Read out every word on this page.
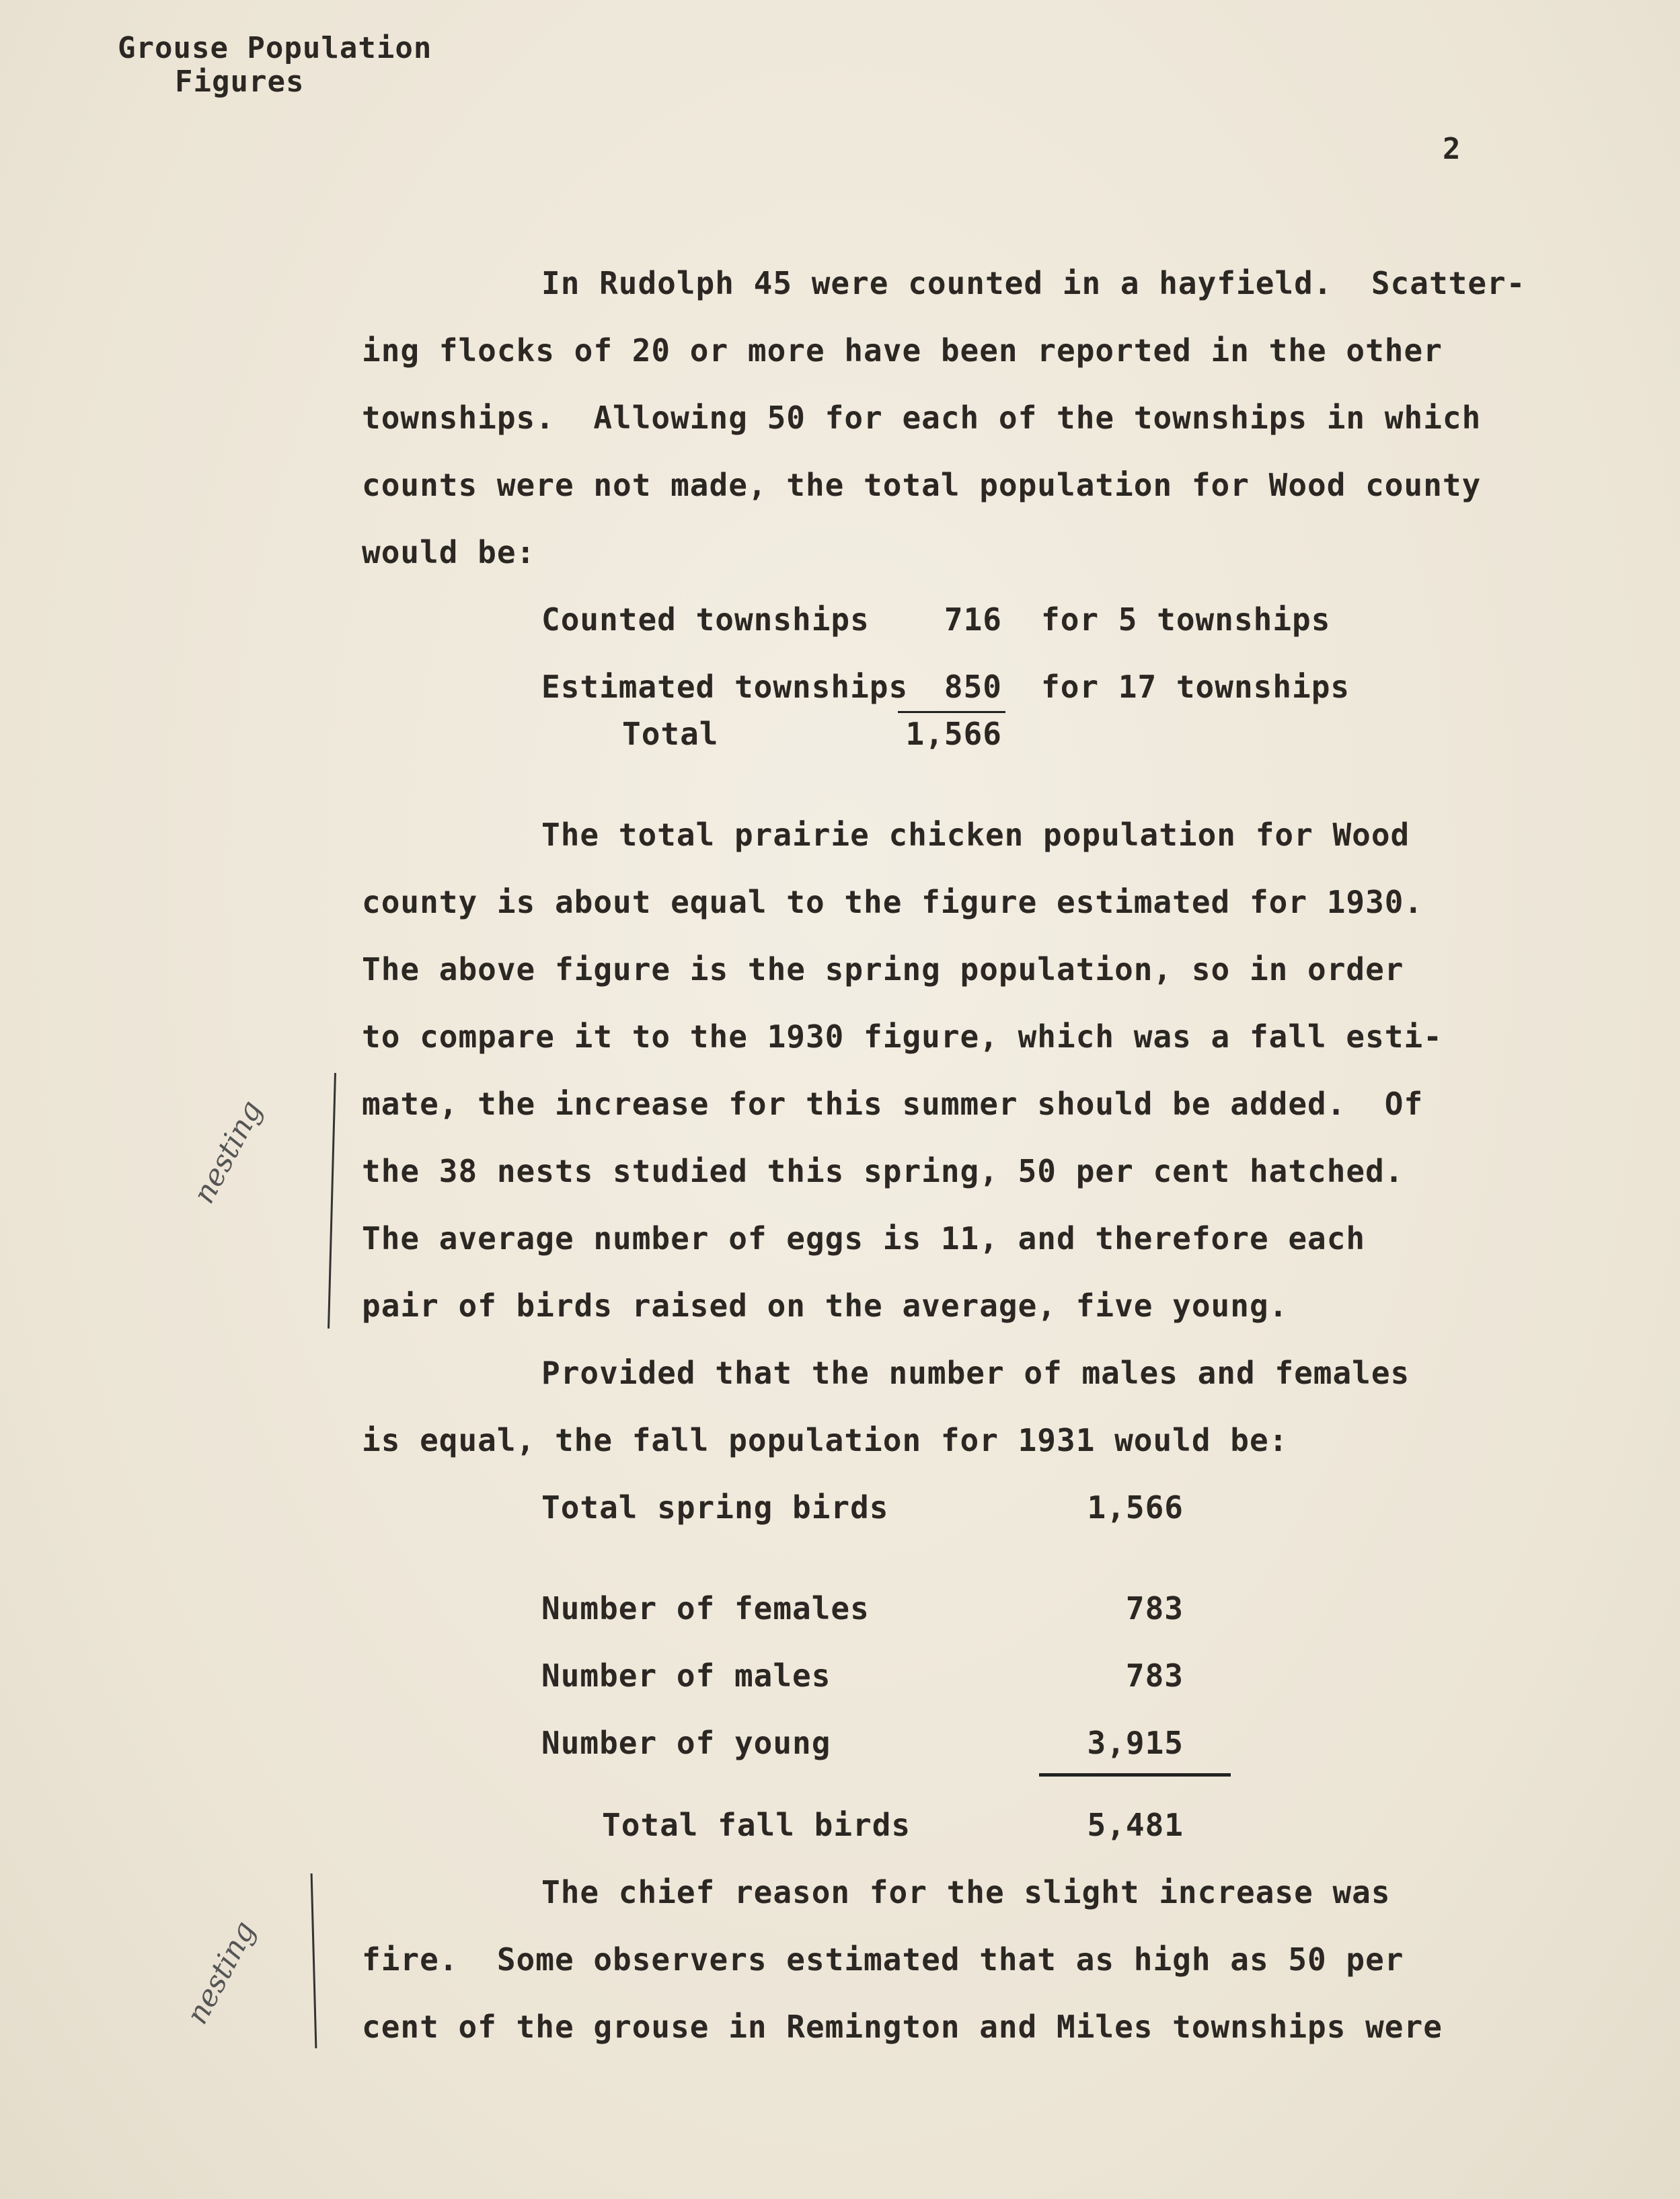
Grouse Population
Figures
2
In Rudolph 45 were counted in a hayfield.  Scatter-
ing flocks of 20 or more have been reported in the other
townships.  Allowing 50 for each of the townships in which
counts were not made, the total population for Wood county
would be:
Counted townships	716 for 5 townships
Estimated townships	850 for 17 townships
Total	1,566
The total prairie chicken population for Wood
county is about equal to the figure estimated for 1930.
The above figure is the spring population, so in order
to compare it to the 1930 figure, which was a fall esti-
mate, the increase for this summer should be added.  Of
the 38 nests studied this spring, 50 per cent hatched.
The average number of eggs is 11, and therefore each
pair of birds raised on the average, five young.
Provided that the number of males and females
is equal, the fall population for 1931 would be:
Total spring birds	1,566
Number of females	783
Number of males	783
Number of young	3,915
Total fall birds	5,481
The chief reason for the slight increase was
fire.  Some observers estimated that as high as 50 per
cent of the grouse in Remington and Miles townships were
nesting
nesting
